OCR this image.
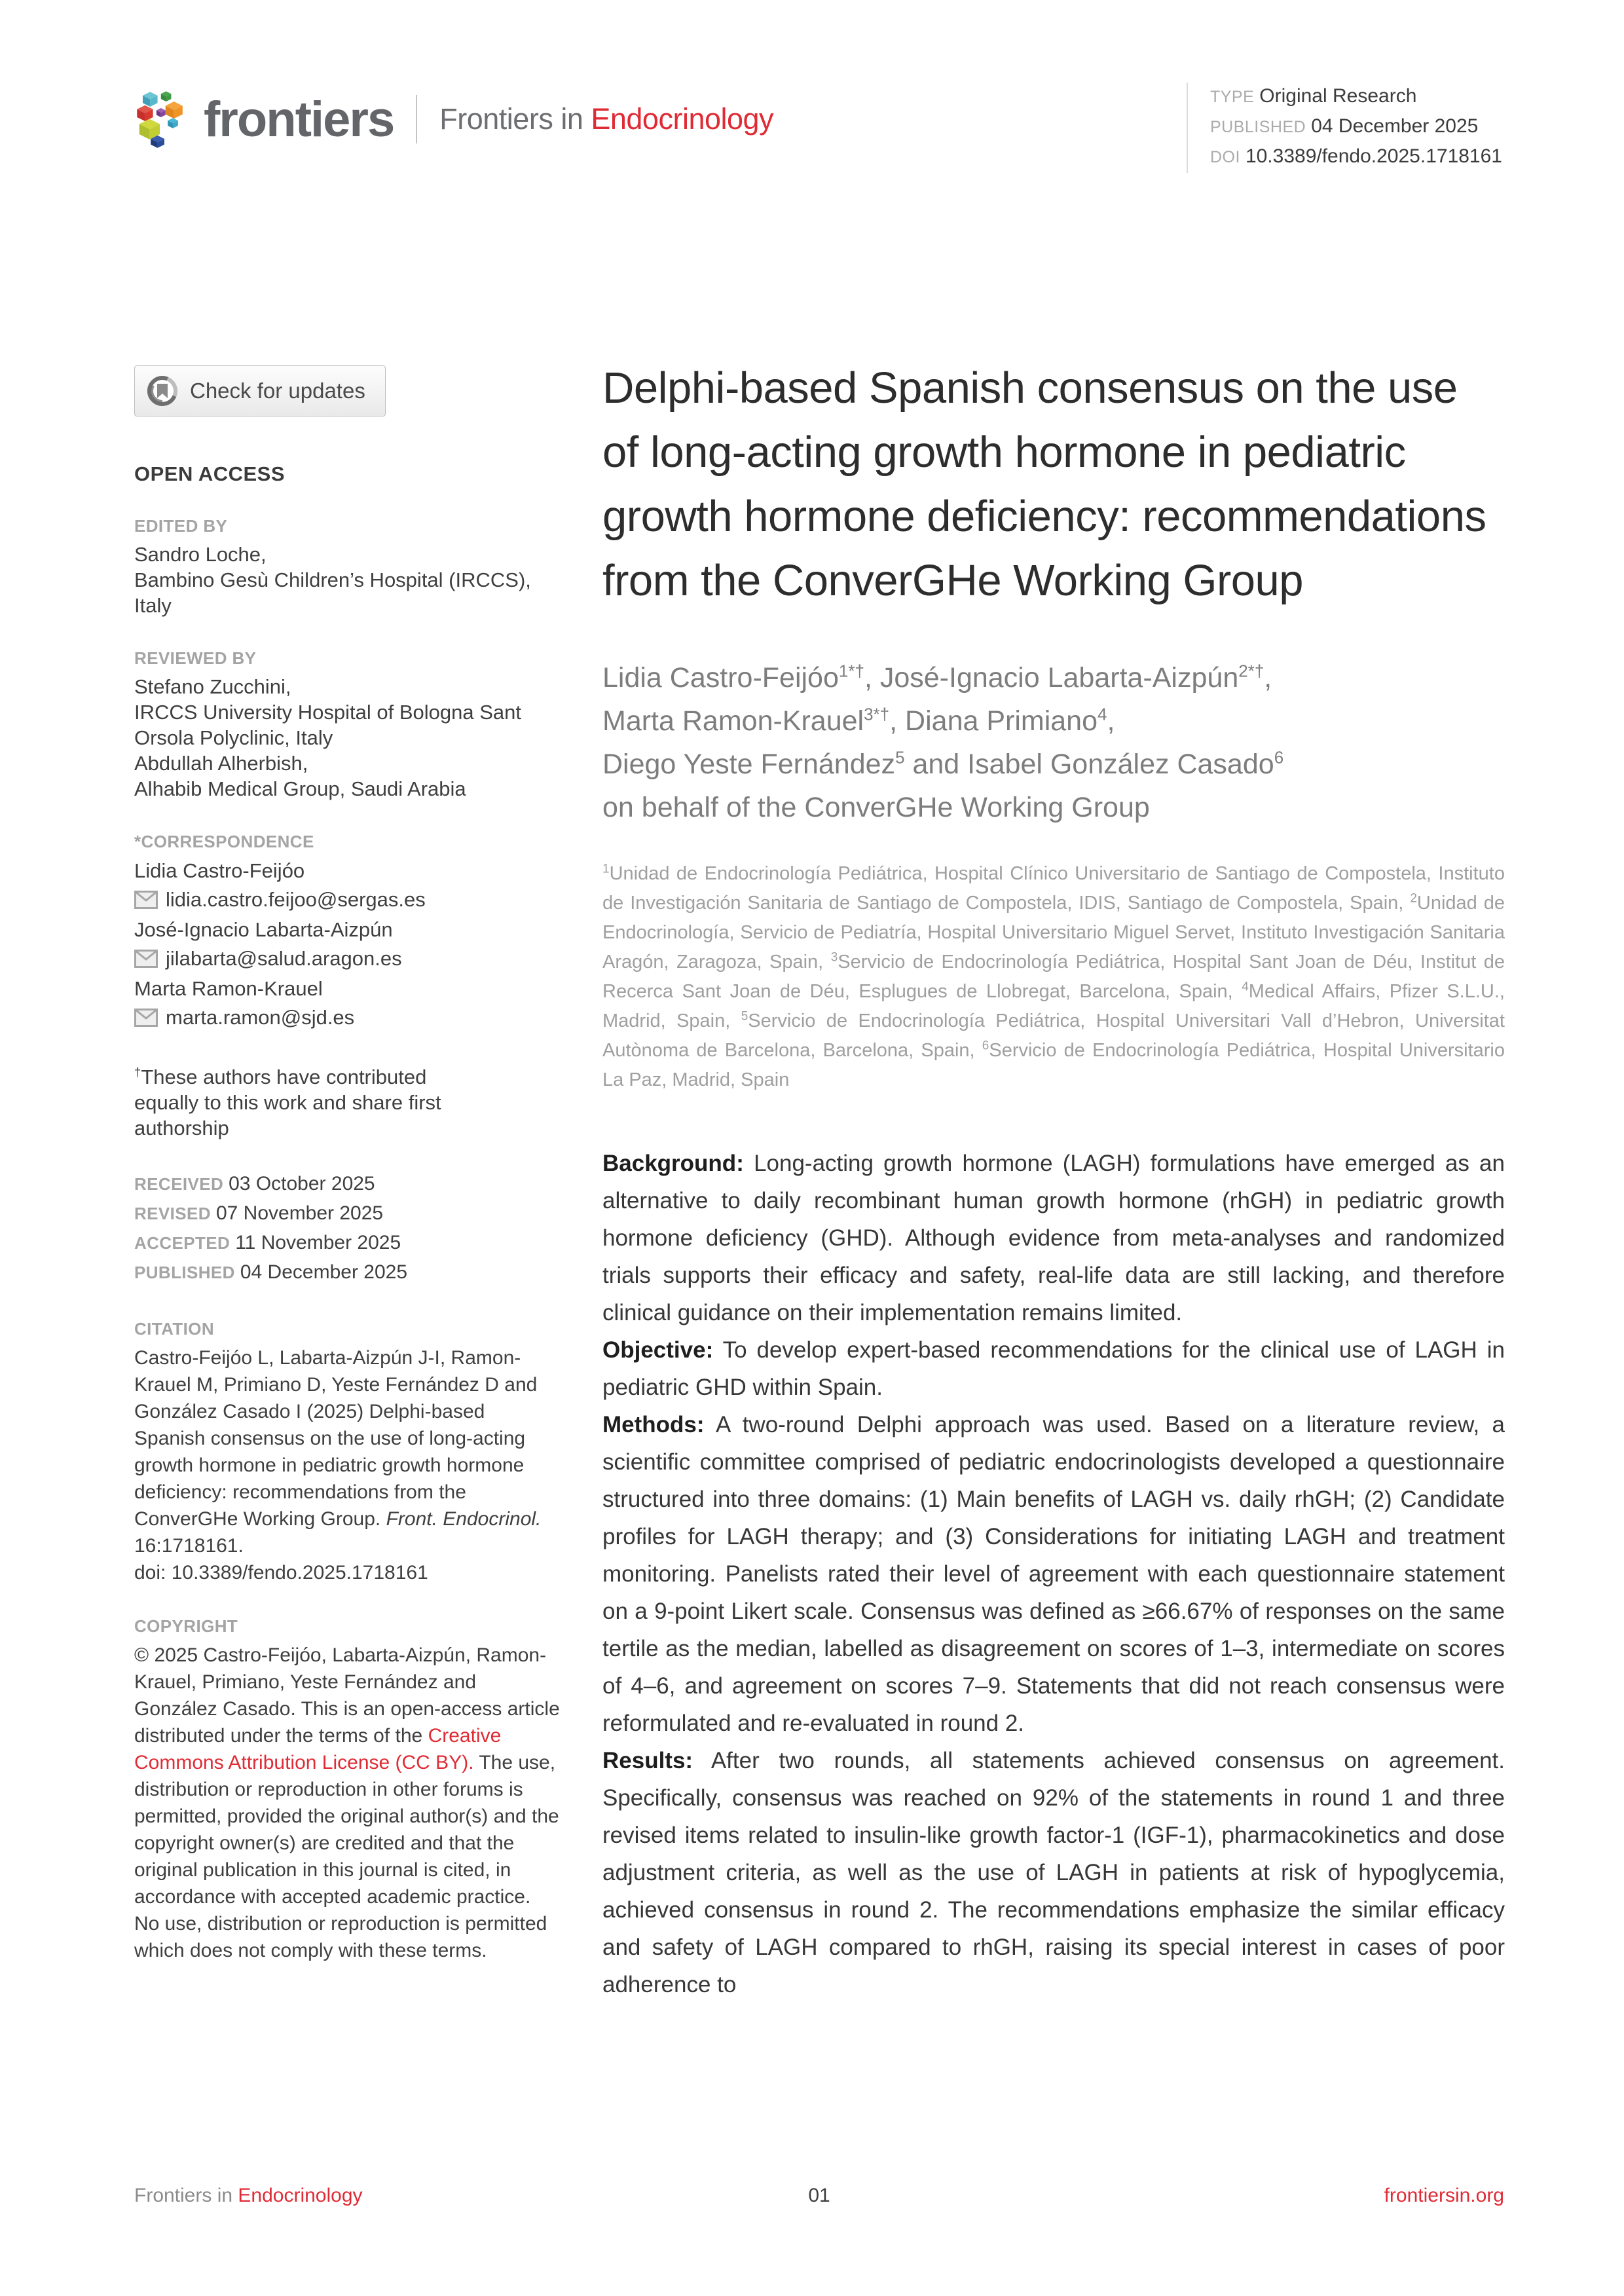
frontiers Frontiers in Endocrinology
TYPE Original Research
PUBLISHED 04 December 2025
DOI 10.3389/fendo.2025.1718161
Check for updates
OPEN ACCESS
EDITED BY
Sandro Loche,
Bambino Gesù Children’s Hospital (IRCCS), Italy
REVIEWED BY
Stefano Zucchini,
IRCCS University Hospital of Bologna Sant Orsola Polyclinic, Italy
Abdullah Alherbish,
Alhabib Medical Group, Saudi Arabia
*CORRESPONDENCE
Lidia Castro-Feijóo
lidia.castro.feijoo@sergas.es
José-Ignacio Labarta-Aizpún
jilabarta@salud.aragon.es
Marta Ramon-Krauel
marta.ramon@sjd.es
†These authors have contributed equally to this work and share first authorship
RECEIVED 03 October 2025
REVISED 07 November 2025
ACCEPTED 11 November 2025
PUBLISHED 04 December 2025
CITATION
Castro-Feijóo L, Labarta-Aizpún J-I, Ramon-Krauel M, Primiano D, Yeste Fernández D and González Casado I (2025) Delphi-based Spanish consensus on the use of long-acting growth hormone in pediatric growth hormone deficiency: recommendations from the ConverGHe Working Group. Front. Endocrinol. 16:1718161.
doi: 10.3389/fendo.2025.1718161
COPYRIGHT
© 2025 Castro-Feijóo, Labarta-Aizpún, Ramon-Krauel, Primiano, Yeste Fernández and González Casado. This is an open-access article distributed under the terms of the Creative Commons Attribution License (CC BY). The use, distribution or reproduction in other forums is permitted, provided the original author(s) and the copyright owner(s) are credited and that the original publication in this journal is cited, in accordance with accepted academic practice. No use, distribution or reproduction is permitted which does not comply with these terms.
Delphi-based Spanish consensus on the use of long-acting growth hormone in pediatric growth hormone deficiency: recommendations from the ConverGHe Working Group
Lidia Castro-Feijóo$^{1*\dagger}$, José-Ignacio Labarta-Aizpún$^{2*\dagger}$,
Marta Ramon-Krauel$^{3*\dagger}$, Diana Primiano$^4$,
Diego Yeste Fernández$^5$ and Isabel González Casado$^6$
on behalf of the ConverGHe Working Group
$^1$Unidad de Endocrinología Pediátrica, Hospital Clínico Universitario de Santiago de Compostela, Instituto de Investigación Sanitaria de Santiago de Compostela, IDIS, Santiago de Compostela, Spain, $^2$Unidad de Endocrinología, Servicio de Pediatría, Hospital Universitario Miguel Servet, Instituto Investigación Sanitaria Aragón, Zaragoza, Spain, $^3$Servicio de Endocrinología Pediátrica, Hospital Sant Joan de Déu, Institut de Recerca Sant Joan de Déu, Esplugues de Llobregat, Barcelona, Spain, $^4$Medical Affairs, Pfizer S.L.U., Madrid, Spain, $^5$Servicio de Endocrinología Pediátrica, Hospital Universitari Vall d’Hebron, Universitat Autònoma de Barcelona, Barcelona, Spain, $^6$Servicio de Endocrinología Pediátrica, Hospital Universitario La Paz, Madrid, Spain

Background: Long-acting growth hormone (LAGH) formulations have emerged as an alternative to daily recombinant human growth hormone (rhGH) in pediatric growth hormone deficiency (GHD). Although evidence from meta-analyses and randomized trials supports their efficacy and safety, real-life data are still lacking, and therefore clinical guidance on their implementation remains limited.

Objective: To develop expert-based recommendations for the clinical use of LAGH in pediatric GHD within Spain.

Methods: A two-round Delphi approach was used. Based on a literature review, a scientific committee comprised of pediatric endocrinologists developed a questionnaire structured into three domains: (1) Main benefits of LAGH vs. daily rhGH; (2) Candidate profiles for LAGH therapy; and (3) Considerations for initiating LAGH and treatment monitoring. Panelists rated their level of agreement with each questionnaire statement on a 9-point Likert scale. Consensus was defined as ≥66.67% of responses on the same tertile as the median, labelled as disagreement on scores of 1–3, intermediate on scores of 4–6, and agreement on scores 7–9. Statements that did not reach consensus were reformulated and re-evaluated in round 2.

Results: After two rounds, all statements achieved consensus on agreement. Specifically, consensus was reached on 92% of the statements in round 1 and three revised items related to insulin-like growth factor-1 (IGF-1), pharmacokinetics and dose adjustment criteria, as well as the use of LAGH in patients at risk of hypoglycemia, achieved consensus in round 2. The recommendations emphasize the similar efficacy and safety of LAGH compared to rhGH, raising its special interest in cases of poor adherence to

Frontiers in Endocrinology	01	frontiersin.org
